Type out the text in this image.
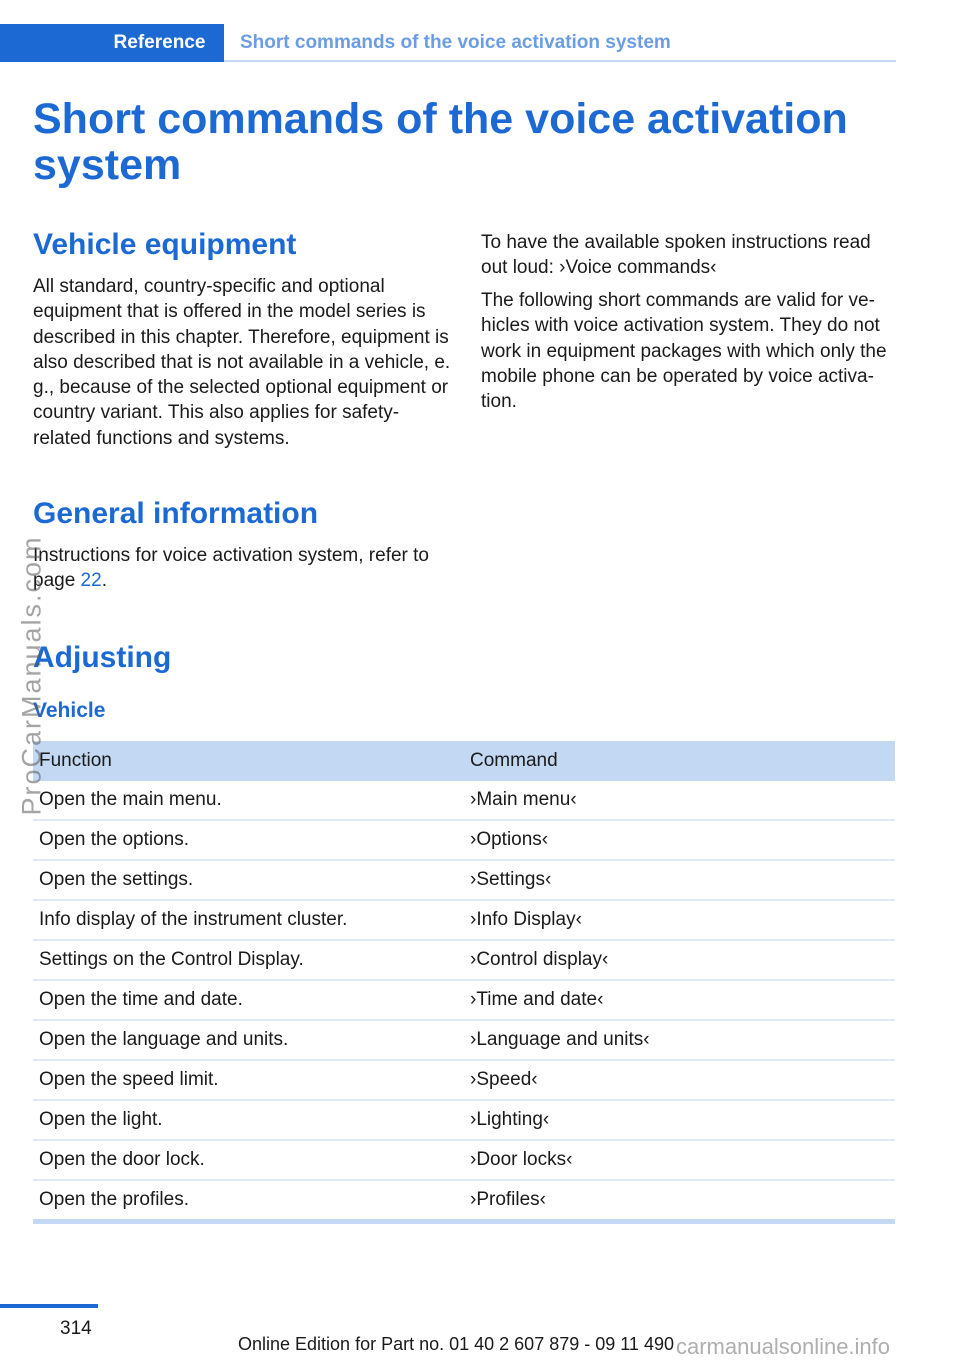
Reference	Short commands of the voice activation system
Short commands of the voice activation system
Vehicle equipment

All standard, country-specific and optional equipment that is offered in the model series is described in this chapter. Therefore, equipment is also described that is not available in a vehicle, e. g., because of the selected optional equipment or country variant. This also applies for safety-related functions and systems.

To have the available spoken instructions read out loud: ›Voice commands‹

The following short commands are valid for vehicles with voice activation system. They do not work in equipment packages with which only the mobile phone can be operated by voice activation.

General information

Instructions for voice activation system, refer to page 22.

Adjusting
Vehicle
Function	Command
Open the main menu.	›Main menu‹
Open the options.	›Options‹
Open the settings.	›Settings‹
Info display of the instrument cluster.	›Info Display‹
Settings on the Control Display.	›Control display‹
Open the time and date.	›Time and date‹
Open the language and units.	›Language and units‹
Open the speed limit.	›Speed‹
Open the light.	›Lighting‹
Open the door lock.	›Door locks‹
Open the profiles.	›Profiles‹
ProCarManuals.com
314
Online Edition for Part no. 01 40 2 607 879 - 09 11 490 carmanualsonline.info
